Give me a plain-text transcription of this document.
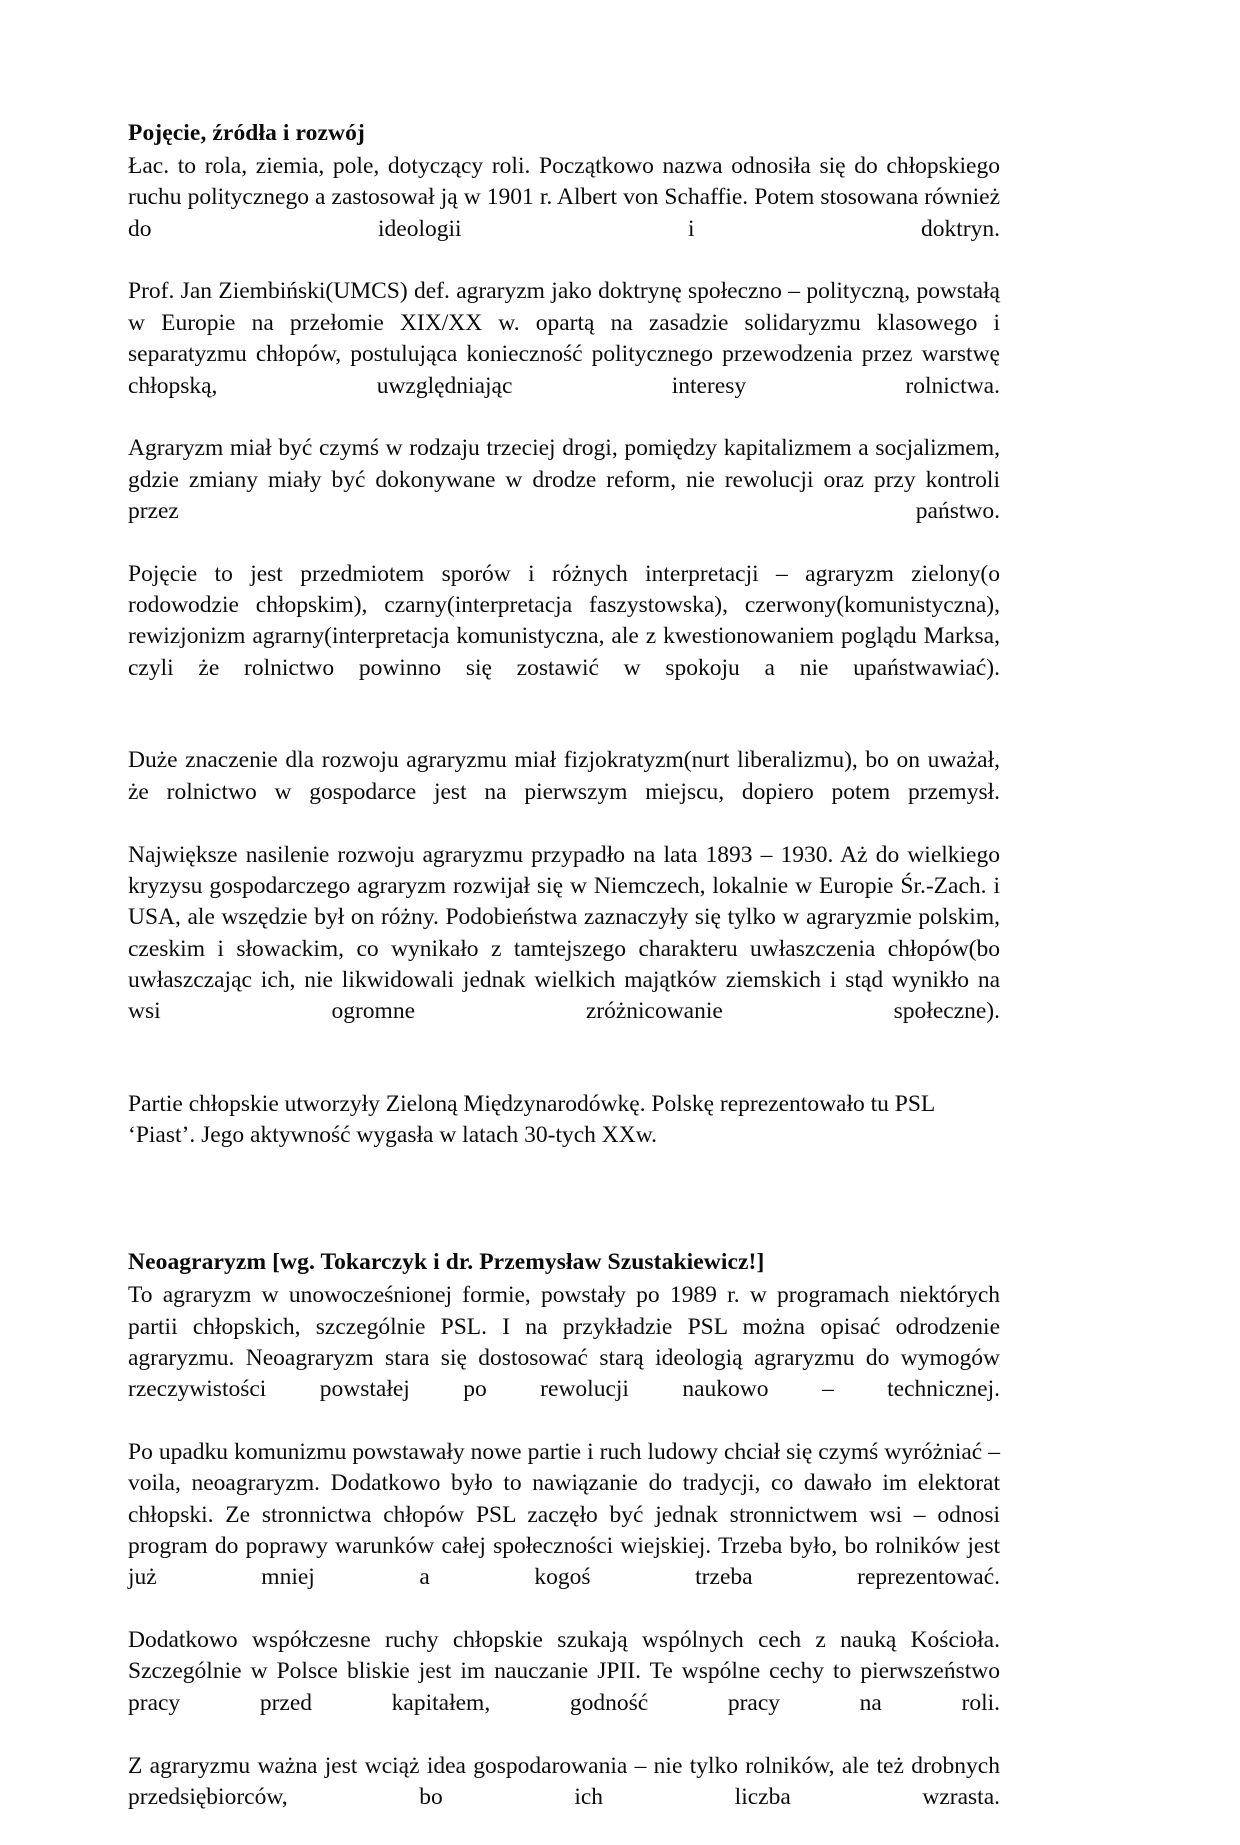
Pojęcie, źródła i rozwój

Łac. to rola, ziemia, pole, dotyczący roli. Początkowo nazwa odnosiła się do chłopskiego ruchu politycznego a zastosował ją w 1901 r. Albert von Schaffie. Potem stosowana również do ideologii i doktryn.

Prof. Jan Ziembiński(UMCS) def. agraryzm jako doktrynę społeczno – polityczną, powstałą w Europie na przełomie XIX/XX w. opartą na zasadzie solidaryzmu klasowego i separatyzmu chłopów, postulująca konieczność politycznego przewodzenia przez warstwę chłopską, uwzględniając interesy rolnictwa.

Agraryzm miał być czymś w rodzaju trzeciej drogi, pomiędzy kapitalizmem a socjalizmem, gdzie zmiany miały być dokonywane w drodze reform, nie rewolucji oraz przy kontroli przez państwo.

Pojęcie to jest przedmiotem sporów i różnych interpretacji – agraryzm zielony(o rodowodzie chłopskim), czarny(interpretacja faszystowska), czerwony(komunistyczna), rewizjonizm agrarny(interpretacja komunistyczna, ale z kwestionowaniem poglądu Marksa, czyli że rolnictwo powinno się zostawić w spokoju a nie upaństwawiać).

Duże znaczenie dla rozwoju agraryzmu miał fizjokratyzm(nurt liberalizmu), bo on uważał, że rolnictwo w gospodarce jest na pierwszym miejscu, dopiero potem przemysł.

Największe nasilenie rozwoju agraryzmu przypadło na lata 1893 – 1930. Aż do wielkiego kryzysu gospodarczego agraryzm rozwijał się w Niemczech, lokalnie w Europie Śr.-Zach. i USA, ale wszędzie był on różny. Podobieństwa zaznaczyły się tylko w agraryzmie polskim, czeskim i słowackim, co wynikało z tamtejszego charakteru uwłaszczenia chłopów(bo uwłaszczając ich, nie likwidowali jednak wielkich majątków ziemskich i stąd wynikło na wsi ogromne zróżnicowanie społeczne).

Partie chłopskie utworzyły Zieloną Międzynarodówkę. Polskę reprezentowało tu PSL ‘Piast’. Jego aktywność wygasła w latach 30-tych XXw.

Neoagraryzm [wg. Tokarczyk i dr. Przemysław Szustakiewicz!]

To agraryzm w unowocześnionej formie, powstały po 1989 r. w programach niektórych partii chłopskich, szczególnie PSL. I na przykładzie PSL można opisać odrodzenie agraryzmu. Neoagraryzm stara się dostosować starą ideologią agraryzmu do wymogów rzeczywistości powstałej po rewolucji naukowo – technicznej.

Po upadku komunizmu powstawały nowe partie i ruch ludowy chciał się czymś wyróżniać – voila, neoagraryzm. Dodatkowo było to nawiązanie do tradycji, co dawało im elektorat chłopski. Ze stronnictwa chłopów PSL zaczęło być jednak stronnictwem wsi – odnosi program do poprawy warunków całej społeczności wiejskiej. Trzeba było, bo rolników jest już mniej a kogoś trzeba reprezentować.

Dodatkowo współczesne ruchy chłopskie szukają wspólnych cech z nauką Kościoła. Szczególnie w Polsce bliskie jest im nauczanie JPII. Te wspólne cechy to pierwszeństwo pracy przed kapitałem, godność pracy na roli.

Z agraryzmu ważna jest wciąż idea gospodarowania – nie tylko rolników, ale też drobnych przedsiębiorców, bo ich liczba wzrasta.
